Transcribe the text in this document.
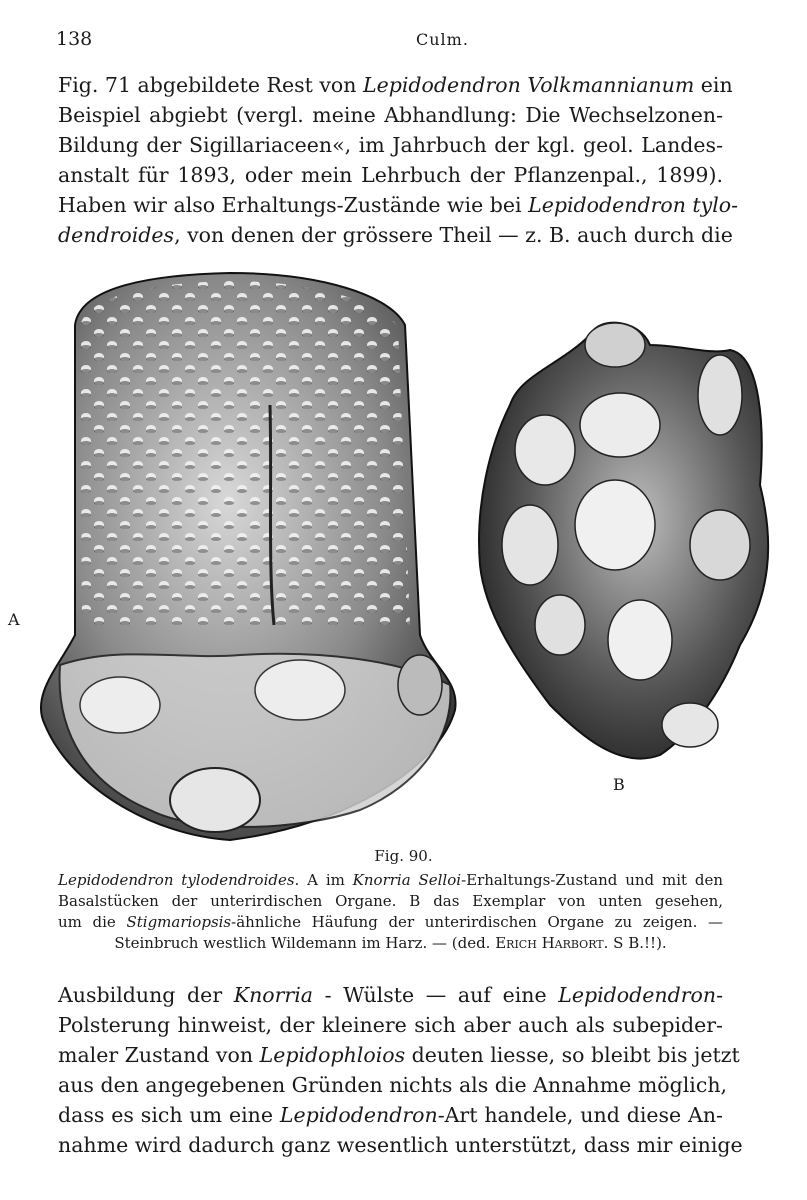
138	Culm.
Fig. 71 abgebildete Rest von Lepidodendron Volkmannianum ein
Beispiel abgiebt (vergl. meine Abhandlung: Die Wechselzonen-
Bildung der Sigillariaceen«, im Jahrbuch der kgl. geol. Landes-
anstalt für 1893, oder mein Lehrbuch der Pflanzenpal., 1899).
Haben wir also Erhaltungs-Zustände wie bei Lepidodendron tylo-
dendroides, von denen der grössere Theil — z. B. auch durch die
A
B
Fig. 90.
Lepidodendron tylodendroides. A im Knorria Selloi-Erhaltungs-Zustand und mit den
Basalstücken der unterirdischen Organe. B das Exemplar von unten gesehen,
um die Stigmariopsis-ähnliche Häufung der unterirdischen Organe zu zeigen. —
Steinbruch westlich Wildemann im Harz. — (ded. Erich Harbort. S B.!!).
Ausbildung der Knorria - Wülste — auf eine Lepidodendron-
Polsterung hinweist, der kleinere sich aber auch als subepider-
maler Zustand von Lepidophloios deuten liesse, so bleibt bis jetzt
aus den angegebenen Gründen nichts als die Annahme möglich,
dass es sich um eine Lepidodendron-Art handele, und diese An-
nahme wird dadurch ganz wesentlich unterstützt, dass mir einige
